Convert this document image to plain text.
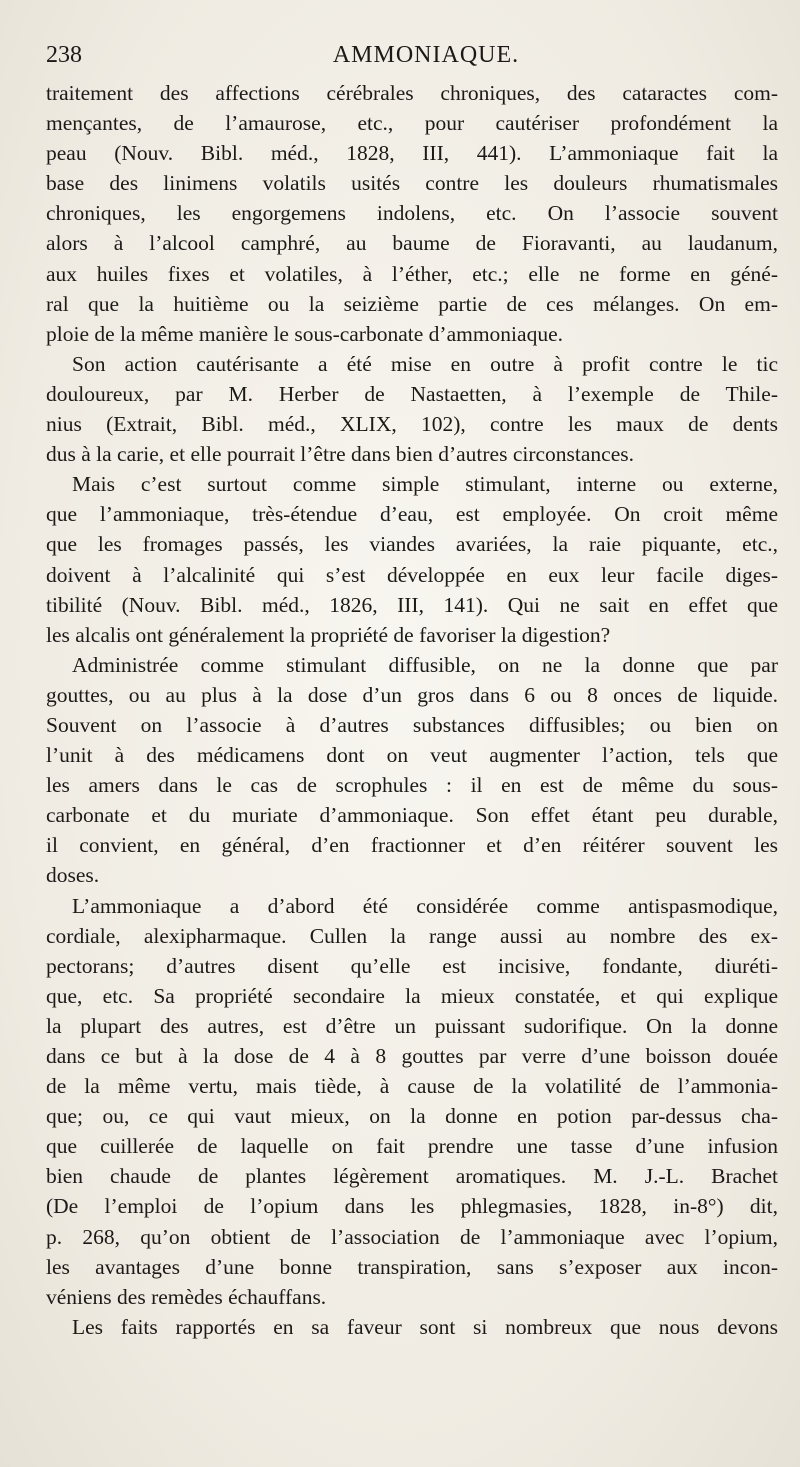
238	AMMONIAQUE.
traitement des affections cérébrales chroniques, des cataractes com-
mençantes, de l’amaurose, etc., pour cautériser profondément la
peau (Nouv. Bibl. méd., 1828, III, 441). L’ammoniaque fait la
base des linimens volatils usités contre les douleurs rhumatismales
chroniques, les engorgemens indolens, etc. On l’associe souvent
alors à l’alcool camphré, au baume de Fioravanti, au laudanum,
aux huiles fixes et volatiles, à l’éther, etc.; elle ne forme en géné-
ral que la huitième ou la seizième partie de ces mélanges. On em-
ploie de la même manière le sous-carbonate d’ammoniaque.
Son action cautérisante a été mise en outre à profit contre le tic
douloureux, par M. Herber de Nastaetten, à l’exemple de Thile-
nius (Extrait, Bibl. méd., XLIX, 102), contre les maux de dents
dus à la carie, et elle pourrait l’être dans bien d’autres circonstances.
Mais c’est surtout comme simple stimulant, interne ou externe,
que l’ammoniaque, très-étendue d’eau, est employée. On croit même
que les fromages passés, les viandes avariées, la raie piquante, etc.,
doivent à l’alcalinité qui s’est développée en eux leur facile diges-
tibilité (Nouv. Bibl. méd., 1826, III, 141). Qui ne sait en effet que
les alcalis ont généralement la propriété de favoriser la digestion?
Administrée comme stimulant diffusible, on ne la donne que par
gouttes, ou au plus à la dose d’un gros dans 6 ou 8 onces de liquide.
Souvent on l’associe à d’autres substances diffusibles; ou bien on
l’unit à des médicamens dont on veut augmenter l’action, tels que
les amers dans le cas de scrophules : il en est de même du sous-
carbonate et du muriate d’ammoniaque. Son effet étant peu durable,
il convient, en général, d’en fractionner et d’en réitérer souvent les
doses.
L’ammoniaque a d’abord été considérée comme antispasmodique,
cordiale, alexipharmaque. Cullen la range aussi au nombre des ex-
pectorans; d’autres disent qu’elle est incisive, fondante, diuréti-
que, etc. Sa propriété secondaire la mieux constatée, et qui explique
la plupart des autres, est d’être un puissant sudorifique. On la donne
dans ce but à la dose de 4 à 8 gouttes par verre d’une boisson douée
de la même vertu, mais tiède, à cause de la volatilité de l’ammonia-
que; ou, ce qui vaut mieux, on la donne en potion par-dessus cha-
que cuillerée de laquelle on fait prendre une tasse d’une infusion
bien chaude de plantes légèrement aromatiques. M. J.-L. Brachet
(De l’emploi de l’opium dans les phlegmasies, 1828, in-8°) dit,
p. 268, qu’on obtient de l’association de l’ammoniaque avec l’opium,
les avantages d’une bonne transpiration, sans s’exposer aux incon-
véniens des remèdes échauffans.
Les faits rapportés en sa faveur sont si nombreux que nous devons
